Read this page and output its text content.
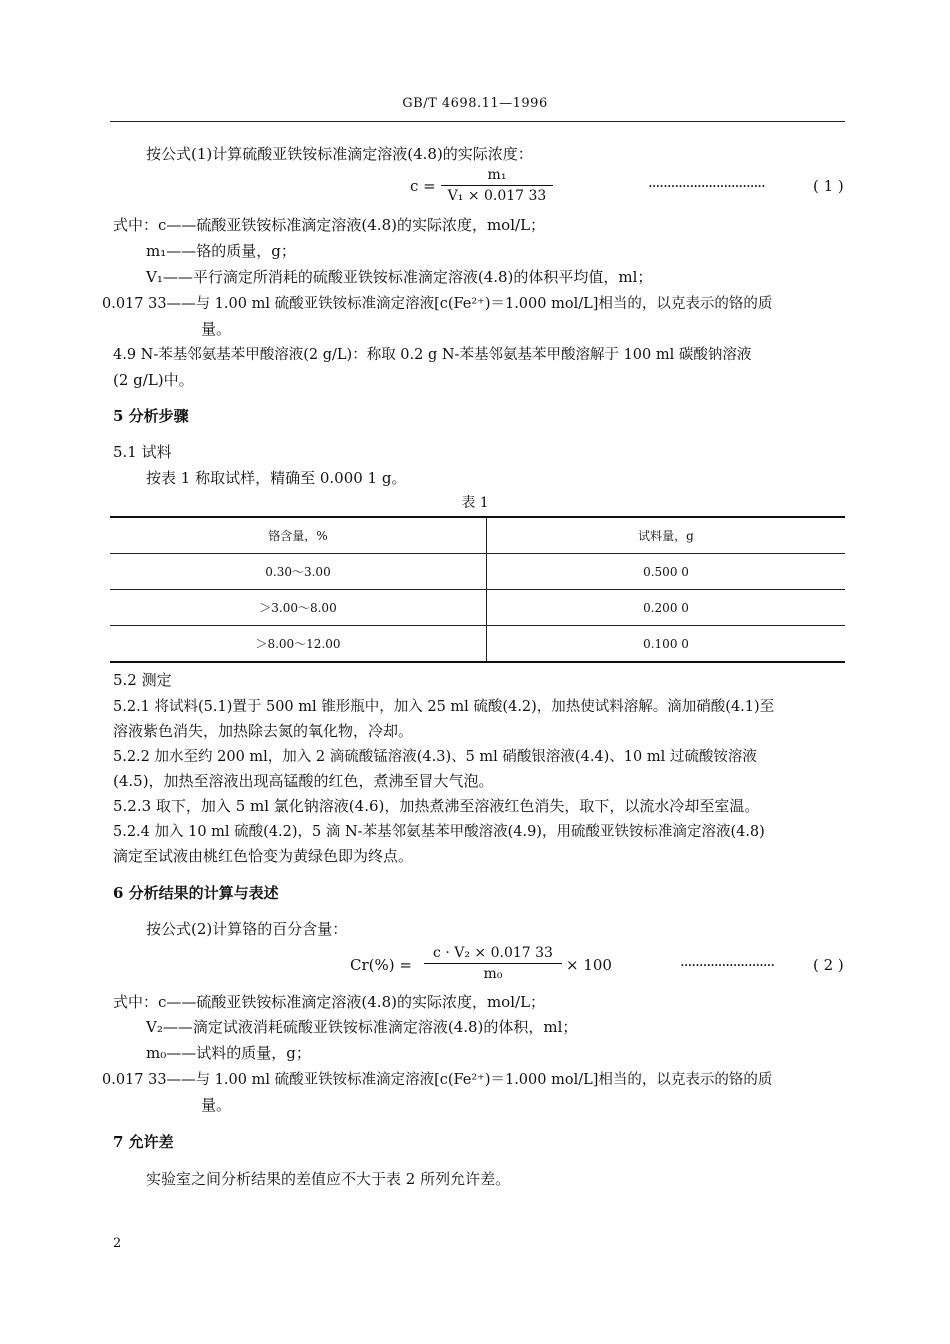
GB/T 4698.11—1996
按公式(1)计算硫酸亚铁铵标准滴定溶液(4.8)的实际浓度：
c =
m₁
V₁ × 0.017 33
·······························	( 1 )
式中：c——硫酸亚铁铵标准滴定溶液(4.8)的实际浓度，mol/L；
m₁——铬的质量，g；
V₁——平行滴定所消耗的硫酸亚铁铵标准滴定溶液(4.8)的体积平均值，ml；
0.017 33——与 1.00 ml 硫酸亚铁铵标准滴定溶液[c(Fe²⁺)＝1.000 mol/L]相当的，以克表示的铬的质
量。
4.9 N-苯基邻氨基苯甲酸溶液(2 g/L)：称取 0.2 g N-苯基邻氨基苯甲酸溶解于 100 ml 碳酸钠溶液
(2 g/L)中。
5 分析步骤
5.1 试料
按表 1 称取试样，精确至 0.000 1 g。
表 1
铬含量，%	试料量，g
0.30～3.00	0.500 0
＞3.00～8.00	0.200 0
＞8.00～12.00	0.100 0
5.2 测定
5.2.1 将试料(5.1)置于 500 ml 锥形瓶中，加入 25 ml 硫酸(4.2)，加热使试料溶解。滴加硝酸(4.1)至
溶液紫色消失，加热除去氮的氧化物，冷却。
5.2.2 加水至约 200 ml，加入 2 滴硫酸锰溶液(4.3)、5 ml 硝酸银溶液(4.4)、10 ml 过硫酸铵溶液
(4.5)，加热至溶液出现高锰酸的红色，煮沸至冒大气泡。
5.2.3 取下，加入 5 ml 氯化钠溶液(4.6)，加热煮沸至溶液红色消失，取下，以流水冷却至室温。
5.2.4 加入 10 ml 硫酸(4.2)，5 滴 N-苯基邻氨基苯甲酸溶液(4.9)，用硫酸亚铁铵标准滴定溶液(4.8)
滴定至试液由桃红色恰变为黄绿色即为终点。
6 分析结果的计算与表述
按公式(2)计算铬的百分含量：
Cr(%) =
c · V₂ × 0.017 33
m₀	× 100	·························	( 2 )
式中：c——硫酸亚铁铵标准滴定溶液(4.8)的实际浓度，mol/L；
V₂——滴定试液消耗硫酸亚铁铵标准滴定溶液(4.8)的体积，ml；
m₀——试料的质量，g；
0.017 33——与 1.00 ml 硫酸亚铁铵标准滴定溶液[c(Fe²⁺)＝1.000 mol/L]相当的，以克表示的铬的质
量。
7 允许差
实验室之间分析结果的差值应不大于表 2 所列允许差。
2
